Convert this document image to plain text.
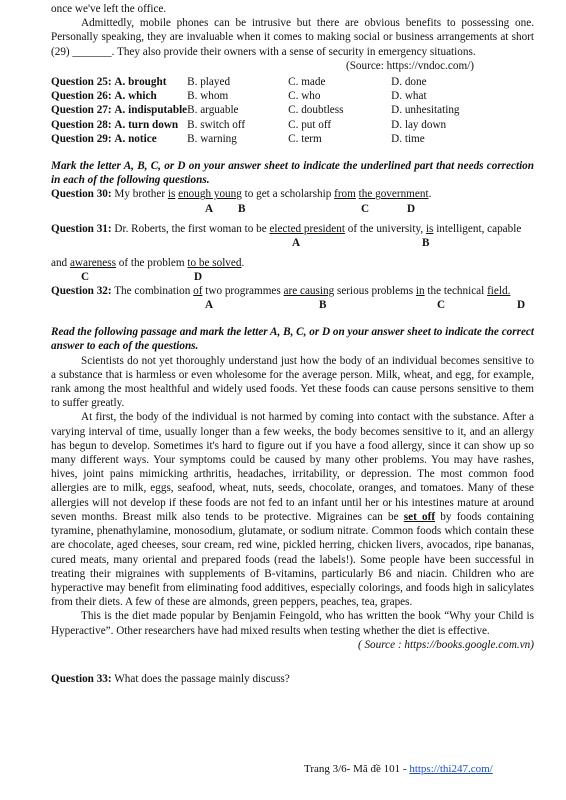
once we've left the office.

Admittedly, mobile phones can be intrusive but there are obvious benefits to possessing one. Personally speaking, they are invaluable when it comes to making social or business arrangements at short (29) _______. They also provide their owners with a sense of security in emergency situations.

(Source: https://vndoc.com/)

Question 25: A. brought	B. played	C. made	D. done
Question 26: A. which	B. whom	C. who	D. what
Question 27: A. indisputable	B. arguable	C. doubtless	D. unhesitating
Question 28: A. turn down	B. switch off	C. put off	D. lay down
Question 29: A. notice	B. warning	C. term	D. time

Mark the letter A, B, C, or D on your answer sheet to indicate the underlined part that needs correction in each of the following questions.

Question 30: My brother is enough young to get a scholarship from the government.

A B	C	D

Question 31: Dr. Roberts, the first woman to be elected president of the university, is intelligent, capable

A	B

and awareness of the problem to be solved.

C	D

Question 32: The combination of two programmes are causing serious problems in the technical field.

A	B	C	D

Read the following passage and mark the letter A, B, C, or D on your answer sheet to indicate the correct answer to each of the questions.

Scientists do not yet thoroughly understand just how the body of an individual becomes sensitive to a substance that is harmless or even wholesome for the average person. Milk, wheat, and egg, for example, rank among the most healthful and widely used foods. Yet these foods can cause persons sensitive to them to suffer greatly.

At first, the body of the individual is not harmed by coming into contact with the substance. After a varying interval of time, usually longer than a few weeks, the body becomes sensitive to it, and an allergy has begun to develop. Sometimes it's hard to figure out if you have a food allergy, since it can show up so many different ways. Your symptoms could be caused by many other problems. You may have rashes, hives, joint pains mimicking arthritis, headaches, irritability, or depression. The most common food allergies are to milk, eggs, seafood, wheat, nuts, seeds, chocolate, oranges, and tomatoes. Many of these allergies will not develop if these foods are not fed to an infant until her or his intestines mature at around seven months. Breast milk also tends to be protective. Migraines can be set off by foods containing tyramine, phenathylamine, monosodium, glutamate, or sodium nitrate. Common foods which contain these are chocolate, aged cheeses, sour cream, red wine, pickled herring, chicken livers, avocados, ripe bananas, cured meats, many oriental and prepared foods (read the labels!). Some people have been successful in treating their migraines with supplements of B-vitamins, particularly B6 and niacin. Children who are hyperactive may benefit from eliminating food additives, especially colorings, and foods high in salicylates from their diets. A few of these are almonds, green peppers, peaches, tea, grapes.

This is the diet made popular by Benjamin Feingold, who has written the book “Why your Child is Hyperactive”. Other researchers have had mixed results when testing whether the diet is effective.

( Source : https://books.google.com.vn)

Question 33: What does the passage mainly discuss?

Trang 3/6- Mã đề 101 - https://thi247.com/
